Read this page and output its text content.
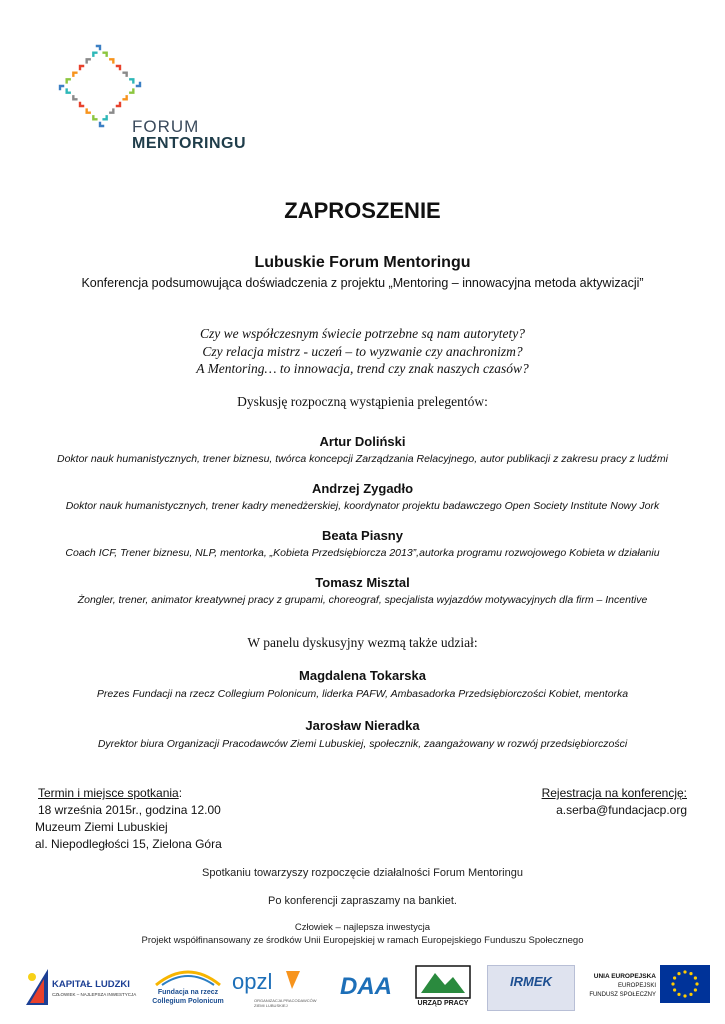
FORUM
MENTORINGU
ZAPROSZENIE
Lubuskie Forum Mentoringu
Konferencja podsumowująca doświadczenia z projektu „Mentoring – innowacyjna metoda aktywizacji”
Czy we współczesnym świecie potrzebne są nam autorytety?
Czy relacja mistrz - uczeń – to wyzwanie czy anachronizm?
A Mentoring… to innowacja, trend czy znak naszych czasów?
Dyskusję rozpoczną wystąpienia prelegentów:
Artur Doliński
Doktor nauk humanistycznych, trener biznesu, twórca koncepcji Zarządzania Relacyjnego, autor publikacji z zakresu pracy z ludźmi
Andrzej Zygadło
Doktor nauk humanistycznych, trener kadry menedżerskiej, koordynator projektu badawczego Open Society Institute Nowy Jork
Beata Piasny
Coach ICF, Trener biznesu, NLP, mentorka, „Kobieta Przedsiębiorcza 2013”,autorka programu rozwojowego Kobieta w działaniu
Tomasz Misztal
Żongler, trener, animator kreatywnej pracy z grupami, choreograf, specjalista wyjazdów motywacyjnych dla firm – Incentive
W panelu dyskusyjny wezmą także udział:
Magdalena Tokarska
Prezes Fundacji na rzecz Collegium Polonicum, liderka PAFW, Ambasadorka Przedsiębiorczości Kobiet, mentorka
Jarosław Nieradka
Dyrektor biura Organizacji Pracodawców Ziemi Lubuskiej, społecznik, zaangażowany w rozwój przedsiębiorczości
Termin i miejsce spotkania:
18 września 2015r., godzina 12.00
Muzeum Ziemi Lubuskiej
al. Niepodległości 15, Zielona Góra
Rejestracja na konferencję:
a.serba@fundacjacp.org
Spotkaniu towarzyszy rozpoczęcie działalności Forum Mentoringu
Po konferencji zapraszamy na bankiet.
Człowiek – najlepsza inwestycja
Projekt współfinansowany ze środków Unii Europejskiej w ramach Europejskiego Funduszu Społecznego
KAPITAŁ LUDZKI
CZŁOWIEK – NAJLEPSZA INWESTYCJA	Fundacja na rzecz
Collegium Polonicum
opzl
ORGANIZACJA PRACODAWCÓW ZIEMI LUBUSKIEJ
DAA
URZĄD PRACY
IRMEK	UNIA EUROPEJSKA
EUROPEJSKI
FUNDUSZ SPOŁECZNY
